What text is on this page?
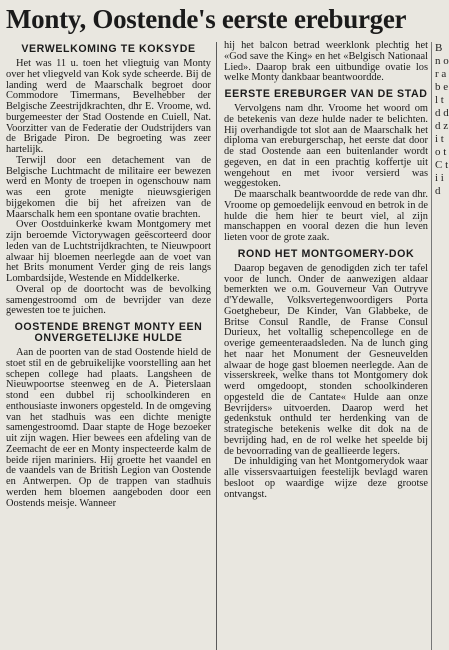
Monty, Oostende's eerste ereburger
VERWELKOMING TE KOKSYDE

Het was 11 u. toen het vliegtuig van Monty over het vliegveld van Kok syde scheerde. Bij de landing werd de Maarschalk begroet door Commodore Timermans, Bevelhebber der Belgische Zeestrijdkrachten, dhr E. Vroome, wd. burgemeester der Stad Oostende en Cuiell, Nat. Voorzitter van de Federatie der Oudstrijders van de Brigade Piron. De begroeting was zeer hartelijk.

Terwijl door een detachement van de Belgische Luchtmacht de militaire eer bewezen werd en Monty de troepen in ogenschouw nam was een grote menigte nieuwsgierigen bijgekomen die bij het afreizen van de Maarschalk hem een spontane ovatie brachten.

Over Oostduinkerke kwam Montgomery met zijn beroemde Victorywagen geëscorteerd door leden van de Luchtstrijdkrachten, te Nieuwpoort alwaar hij bloemen neerlegde aan de voet van het Brits monument Verder ging de reis langs Lombardsijde, Westende en Middelkerke.

Overal op de doortocht was de bevolking samengestroomd om de bevrijder van deze gewesten toe te juichen.

OOSTENDE BRENGT MONTY EEN ONVERGETELIJKE HULDE

Aan de poorten van de stad Oostende hield de stoet stil en de gebruikelijke voorstelling aan het schepen college had plaats. Langsheen de Nieuwpoortse steenweg en de A. Pieterslaan stond een dubbel rij schoolkinderen en enthousiaste inwoners opgesteld. In de omgeving van het stadhuis was een dichte menigte samengestroomd. Daar stapte de Hoge bezoeker uit zijn wagen. Hier bewees een afdeling van de Zeemacht de eer en Monty inspecteerde kalm de beide rijen mariniers. Hij groette het vaandel en de vaandels van de British Legion van Oostende en Antwerpen. Op de trappen van stadhuis werden hem bloemen aangeboden door een Oostends meisje. Wanneer

hij het balcon betrad weerklonk plechtig het «God save the King» en het «Belgisch Nationaal Lied». Daarop brak een uitbundige ovatie los welke Monty dankbaar beantwoordde.

EERSTE EREBURGER VAN DE STAD

Vervolgens nam dhr. Vroome het woord om de betekenis van deze hulde nader te belichten. Hij overhandigde tot slot aan de Maarschalk het diploma van ereburgerschap, het eerste dat door de stad Oostende aan een buitenlander wordt gegeven, en dat in een prachtig koffertje uit wengehout en met ivoor versierd was weggestoken.

De maarschalk beantwoordde de rede van dhr. Vroome op gemoedelijk eenvoud en betrok in de hulde die hem hier te beurt viel, al zijn manschappen en vooral dezen die hun leven lieten voor de grote zaak.

ROND HET MONTGOMERY-DOK

Daarop begaven de genodigden zich ter tafel voor de lunch. Onder de aanwezigen aldaar bemerkten we o.m. Gouverneur Van Outryve d'Ydewalle, Volksvertegenwoordigers Porta Goetghebeur, De Kinder, Van Glabbeke, de Britse Consul Randle, de Franse Consul Durieux, het voltallig schepencollege en de overige gemeenteraadsleden. Na de lunch ging het naar het Monument der Gesneuvelden alwaar de hoge gast bloemen neerlegde. Aan de visserskreek, welke thans tot Montgomery dok werd omgedoopt, stonden schoolkinderen opgesteld die de Cantate« Hulde aan onze Bevrijders» uitvoerden. Daarop werd het gedenkstuk onthuld ter herdenking van de strategische betekenis welke dit dok na de bevrijding had, en de rol welke het speelde bij de bevoorrading van de geallieerde legers.

De inhuldiging van het Montgomerydok waar alle vissersvaartuigen feestelijk bevlagd waren besloot op waardige wijze deze grootse ontvangst.

B n o r a b e l t d d d z i t o t C t i i d
